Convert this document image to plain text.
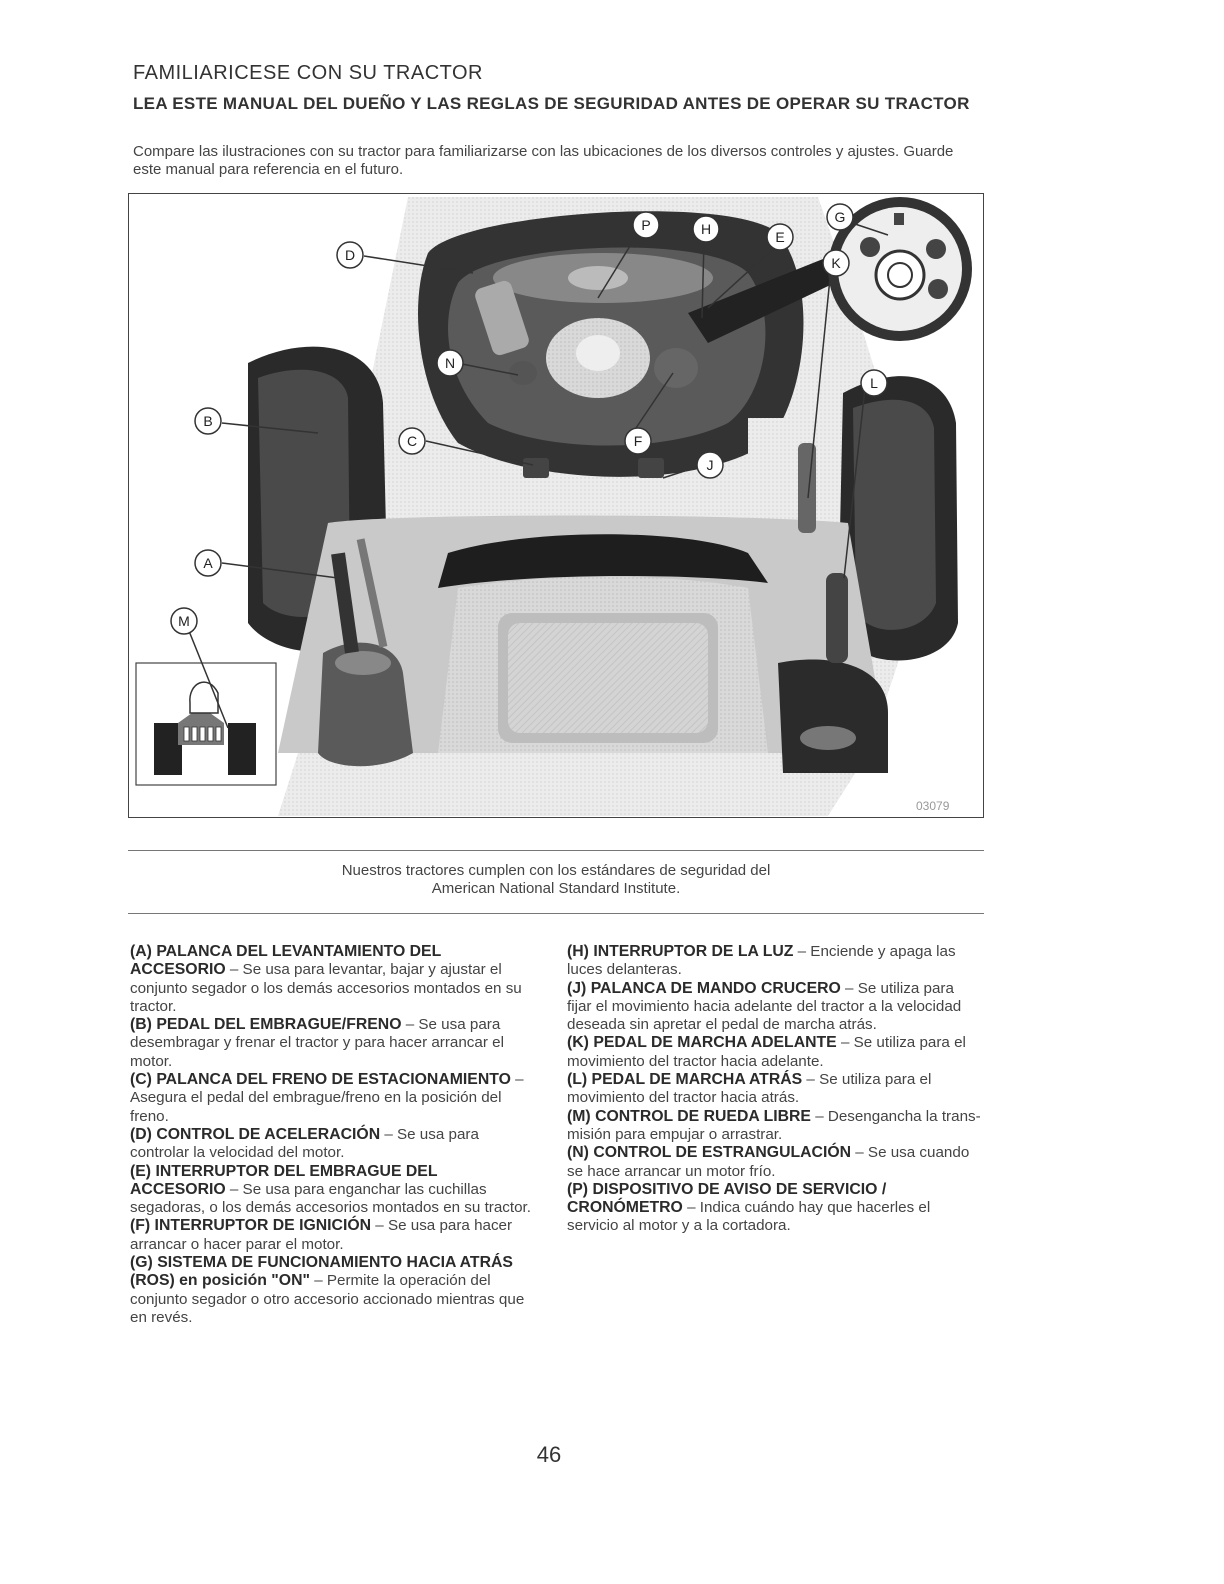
FAMILIARICESE CON SU TRACTOR
LEA ESTE MANUAL DEL DUEÑO Y LAS REGLAS DE SEGURIDAD ANTES DE OPERAR SU TRACTOR
Compare las ilustraciones con su tractor para familiarizarse con las ubicaciones de los diversos controles y ajustes. Guarde este manual para referencia en el futuro.
D
P	H	E
G
K
L
N
B
C	F
J
A
M
03079
Nuestros tractores cumplen con los estándares de seguridad del
American National Standard Institute.

(A) PALANCA DEL LEVANTAMIENTO DEL ACCESORIO – Se usa para levantar, bajar y ajustar el conjunto segador o los demás accesorios montados en su tractor.

(B) PEDAL DEL EMBRAGUE/FRENO – Se usa para desembragar y frenar el tractor y para hacer arrancar el motor.

(C) PALANCA DEL FRENO DE ESTACIONAMIENTO – Asegura el pedal del embrague/freno en la posición del freno.

(D) CONTROL DE ACELERACIÓN – Se usa para controlar la velocidad del motor.

(E) INTERRUPTOR DEL EMBRAGUE DEL ACCESORIO – Se usa para enganchar las cuchillas segadoras, o los demás accesorios montados en su tractor.

(F) INTERRUPTOR DE IGNICIÓN – Se usa para hacer arrancar o hacer parar el motor.

(G) SISTEMA DE FUNCIONAMIENTO HACIA ATRÁS (ROS) en posición "ON" – Permite la operación del conjunto segador o otro accesorio accionado mientras que en revés.

(H) INTERRUPTOR DE LA LUZ – Enciende y apaga las luces delanteras.

(J) PALANCA DE MANDO CRUCERO – Se utiliza para fijar el movimiento hacia adelante del tractor a la velocidad deseada sin apretar el pedal de marcha atrás.

(K) PEDAL DE MARCHA ADELANTE – Se utiliza para el movimiento del tractor hacia adelante.

(L) PEDAL DE MARCHA ATRÁS – Se utiliza para el movimiento del tractor hacia atrás.

(M) CONTROL DE RUEDA LIBRE – Desengancha la trans-misión para empujar o arrastrar.

(N) CONTROL DE ESTRANGULACIÓN – Se usa cuando se hace arrancar un motor frío.

(P) DISPOSITIVO DE AVISO DE SERVICIO / CRONÓMETRO – Indica cuándo hay que hacerles el servicio al motor y a la cortadora.

46
